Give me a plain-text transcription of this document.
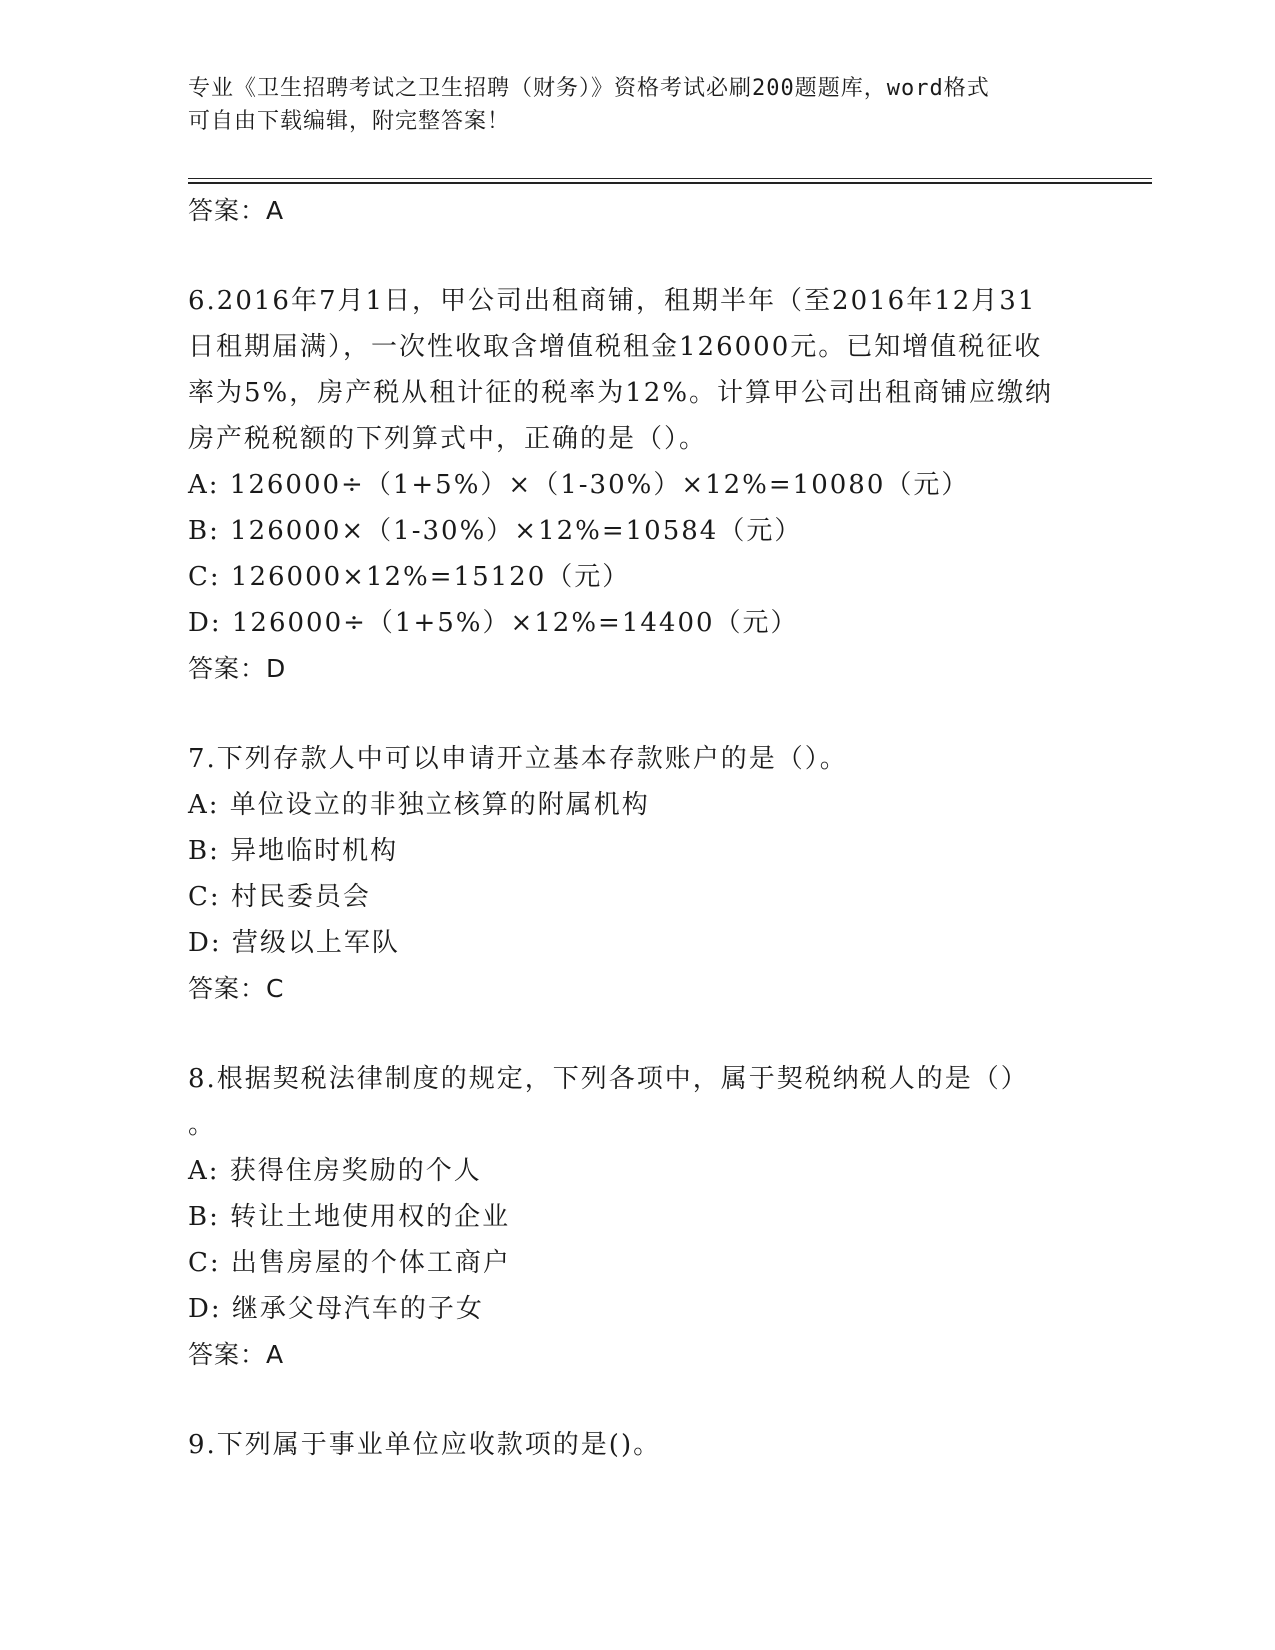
专业《卫生招聘考试之卫生招聘（财务）》资格考试必刷200题题库，word格式
可自由下载编辑，附完整答案！
答案：A
6.2016年7月1日，甲公司出租商铺，租期半年（至2016年12月31
日租期届满），一次性收取含增值税租金126000元。已知增值税征收
率为5%，房产税从租计征的税率为12%。计算甲公司出租商铺应缴纳
房产税税额的下列算式中，正确的是（）。
A: 126000÷（1+5%）×（1-30%）×12%=10080（元）
B: 126000×（1-30%）×12%=10584（元）
C: 126000×12%=15120（元）
D: 126000÷（1+5%）×12%=14400（元）
答案：D
7.下列存款人中可以申请开立基本存款账户的是（）。
A: 单位设立的非独立核算的附属机构
B: 异地临时机构
C: 村民委员会
D: 营级以上军队
答案：C
8.根据契税法律制度的规定，下列各项中，属于契税纳税人的是（）
。
A: 获得住房奖励的个人
B: 转让土地使用权的企业
C: 出售房屋的个体工商户
D: 继承父母汽车的子女
答案：A
9.下列属于事业单位应收款项的是()。
